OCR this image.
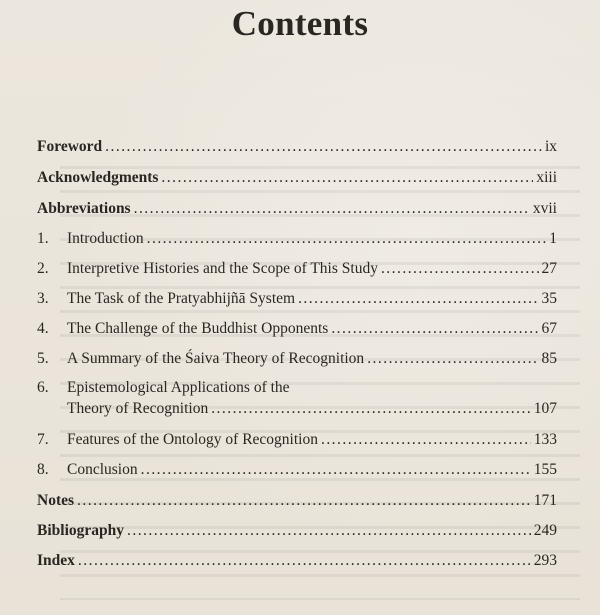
Contents
Foreword . . .	ix
Acknowledgments . . .	xiii
Abbreviations . . .	xvii
1.	Introduction . . .	1
2.	Interpretive Histories and the Scope of This Study . . .	27
3.	The Task of the Pratyabhijñā System . . .	35
4.	The Challenge of the Buddhist Opponents . . .	67
5.	A Summary of the Śaiva Theory of Recognition . . .	85
6.	Epistemological Applications of the
Theory of Recognition . . .	107
7.	Features of the Ontology of Recognition . . .	133
8.	Conclusion . . .	155
Notes . . .	171
Bibliography . . .	249
Index . . .	293
